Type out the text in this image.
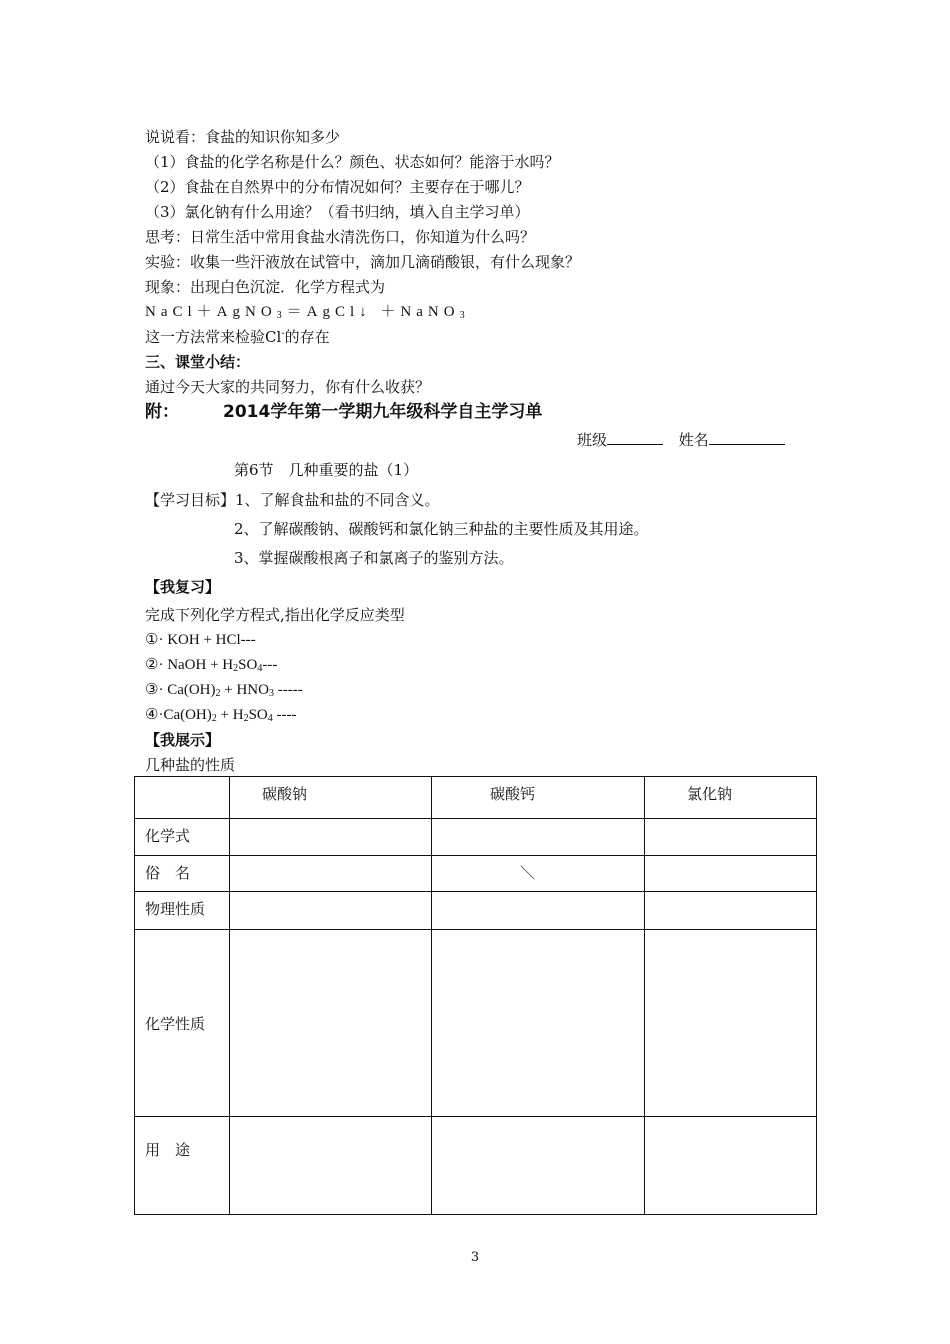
说说看：食盐的知识你知多少
（1）食盐的化学名称是什么？颜色、状态如何？能溶于水吗？
（2）食盐在自然界中的分布情况如何？主要存在于哪儿？
（3）氯化钠有什么用途？（看书归纳，填入自主学习单）
思考：日常生活中常用食盐水清洗伤口，你知道为什么吗？
实验：收集一些汗液放在试管中，滴加几滴硝酸银，有什么现象？
现象：出现白色沉淀．化学方程式为
NaCl＋AgNO$_3$＝AgCl↓ ＋NaNO$_3$
这一方法常来检验Cl-的存在
三、课堂小结：
通过今天大家的共同努力，你有什么收获？
附：	2014学年第一学期九年级科学自主学习单
班级	姓名
第6节　几种重要的盐（1）
【学习目标】1、了解食盐和盐的不同含义。
2、了解碳酸钠、碳酸钙和氯化钠三种盐的主要性质及其用途。
3、掌握碳酸根离子和氯离子的鉴别方法。
【我复习】
完成下列化学方程式,指出化学反应类型
①· KOH + HCl---
②· NaOH + $H_2SO_4---$
③· $Ca(OH)_2 + HNO_3$ -----
$④\cdot Ca(OH)_2 + H_2SO_4$ ----
【我展示】
几种盐的性质
	碳酸钠	碳酸钙	氯化钠
化学式			
俗　名		＼	
物理性质			
化学性质			
用　途			
3
